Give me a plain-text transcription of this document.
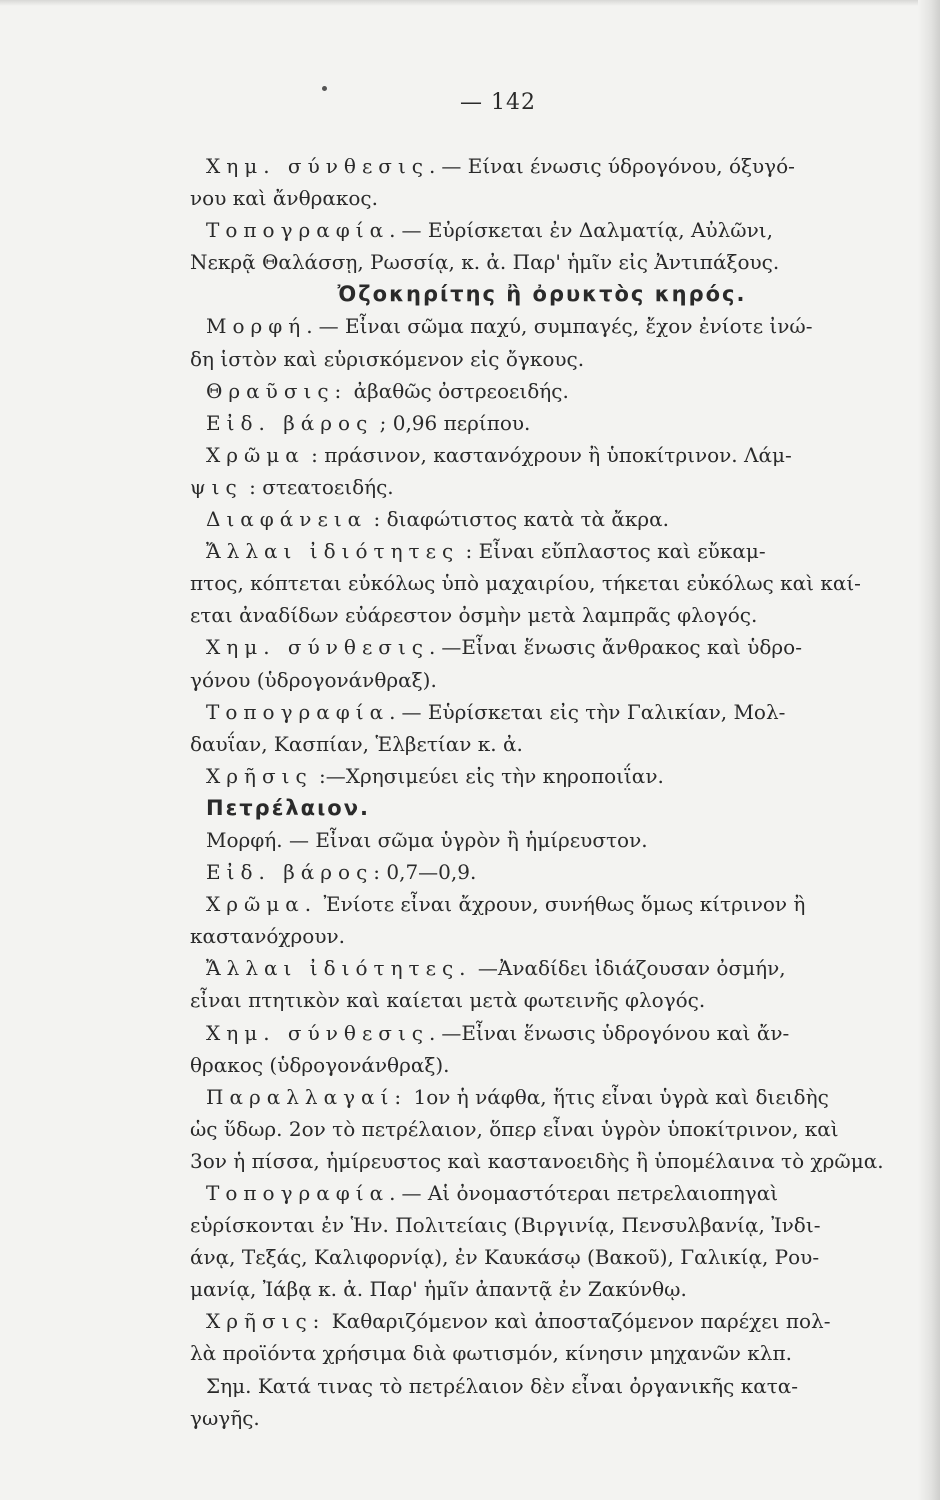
— 142
Χημ. σύνθεσις.— Είναι ένωσις ύδρογόνου, όξυγό-
νου καὶ ἄνθρακος.
Τοπογραφία.— Εὐρίσκεται ἐν Δαλματίᾳ, Αὐλῶνι,
Νεκρᾷ Θαλάσσῃ, Ρωσσίᾳ, κ. ἀ. Παρ' ἡμῖν εἰς Ἀντιπάξους.
Ὀζοκηρίτης ἢ ὀρυκτὸς κηρός.
Μορφή.— Εἶναι σῶμα παχύ, συμπαγές, ἔχον ἐνίοτε ἰνώ-
δη ἱστὸν καὶ εὑρισκόμενον εἰς ὄγκους.
Θραῦσις: ἀβαθῶς ὀστρεοειδής.
Εἰδ. βάρος ; 0,96 περίπου.
Χρῶμα : πράσινον, καστανόχρουν ἢ ὑποκίτρινον. Λάμ-
ψις : στεατοειδής.
Διαφάνεια : διαφώτιστος κατὰ τὰ ἄκρα.
Ἄλλαι ἰδιότητες : Εἶναι εὔπλαστος καὶ εὔκαμ-
πτος, κόπτεται εὐκόλως ὑπὸ μαχαιρίου, τήκεται εὐκόλως καὶ καί-
εται ἀναδίδων εὐάρεστον ὀσμὴν μετὰ λαμπρᾶς φλογός.
Χημ. σύνθεσις.—Εἶναι ἕνωσις ἄνθρακος καὶ ὑδρο-
γόνου (ὑδρογονάνθραξ).
Τοπογραφία.— Εὑρίσκεται εἰς τὴν Γαλικίαν, Μολ-
δαυΐαν, Κασπίαν, Ἑλβετίαν κ. ἀ.
Χρῆσις :—Χρησιμεύει εἰς τὴν κηροποιΐαν.
Πετρέλαιον.
Μορφή. — Εἶναι σῶμα ὑγρὸν ἢ ἡμίρευστον.
Εἰδ. βάρος: 0,7—0,9.
Χρῶμα. Ἐνίοτε εἶναι ἄχρουν, συνήθως ὅμως κίτρινον ἢ
καστανόχρουν.
Ἄλλαι ἰδιότητες. —Ἀναδίδει ἰδιάζουσαν ὀσμήν,
εἶναι πτητικὸν καὶ καίεται μετὰ φωτεινῆς φλογός.
Χημ. σύνθεσις.—Εἶναι ἕνωσις ὑδρογόνου καὶ ἄν-
θρακος (ὑδρογονάνθραξ).
Παραλλαγαί: 1ον ἡ νάφθα, ἥτις εἶναι ὑγρὰ καὶ διειδὴς
ὡς ὕδωρ. 2ον τὸ πετρέλαιον, ὅπερ εἶναι ὑγρὸν ὑποκίτρινον, καὶ
3ον ἡ πίσσα, ἡμίρευστος καὶ καστανοειδὴς ἢ ὑπομέλαινα τὸ χρῶμα.
Τοπογραφία.— Αἱ ὀνομαστότεραι πετρελαιοπηγαὶ
εὑρίσκονται ἐν Ἡν. Πολιτείαις (Βιργινίᾳ, Πενσυλβανίᾳ, Ἰνδι-
άνᾳ, Τεξάς, Καλιφορνίᾳ), ἐν Καυκάσῳ (Βακοῦ), Γαλικίᾳ, Ρου-
μανίᾳ, Ἰάβᾳ κ. ἀ. Παρ' ἡμῖν ἀπαντᾷ ἐν Ζακύνθῳ.
Χρῆσις: Καθαριζόμενον καὶ ἀποσταζόμενον παρέχει πολ-
λὰ προϊόντα χρήσιμα διὰ φωτισμόν, κίνησιν μηχανῶν κλπ.
Σημ. Κατά τινας τὸ πετρέλαιον δὲν εἶναι ὀργανικῆς κατα-
γωγῆς.
